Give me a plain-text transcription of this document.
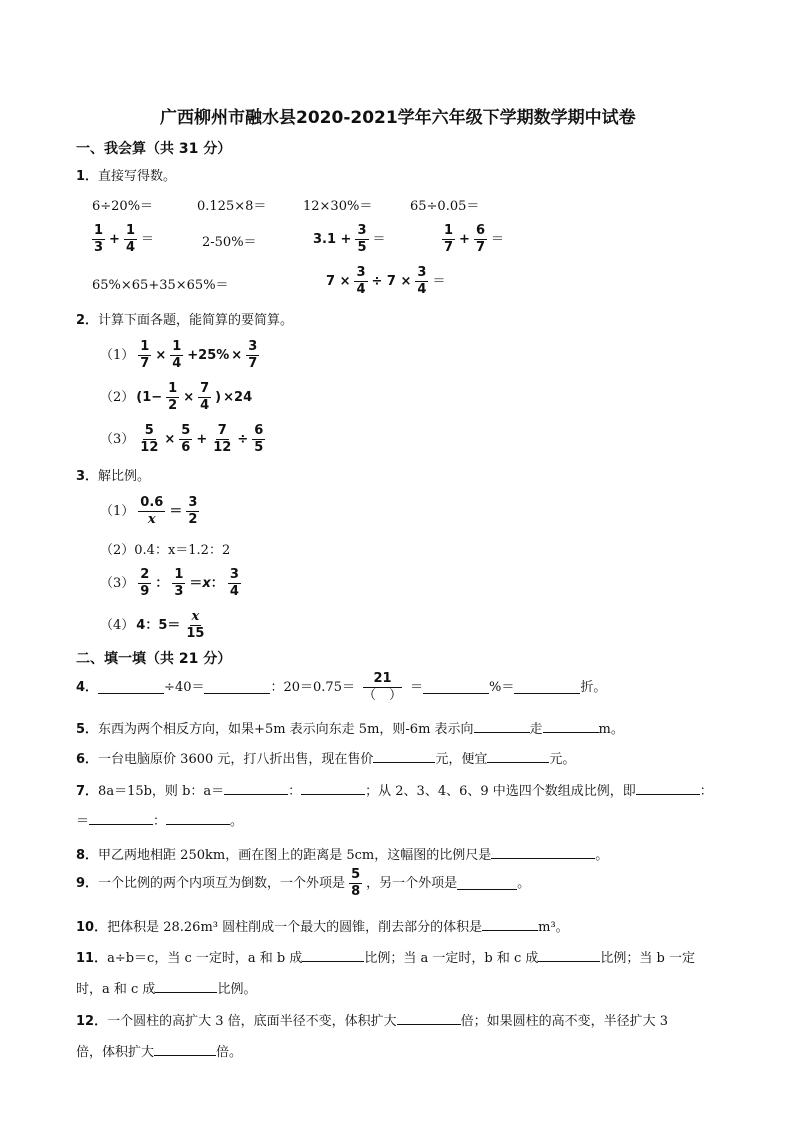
广西柳州市融水县2020-2021学年六年级下学期数学期中试卷
一、我会算（共 31 分）
1．直接写得数。
6÷20%＝	0.125×8＝	12×30%＝	65÷0.05＝
$\frac{1}{3} + \frac{1}{4}$ ＝	2-50%＝	$3.1 + \frac{3}{5}$ ＝	$\frac{1}{7} + \frac{6}{7}$ ＝
65%×65+35×65%＝	$7 \times \frac{3}{4} \div 7 \times \frac{3}{4}$ ＝
2．计算下面各题，能简算的要简算。
$(1) \frac{1}{7} \times \frac{1}{4} +25\% \times \frac{3}{7}$
（2） ($1- \frac{1}{2} \times \frac{7}{4}$ ) ×24
$(3) \frac{5}{12} \times \frac{5}{6} + \frac{7}{12} \div \frac{6}{5}$
3．解比例。
$(1) \frac{0.6}{x} = \frac{3}{2}$
（2）0.4：x＝1.2：2
$(3) \frac{2}{9}$ ： $\frac{1}{3} =x$： $\frac{3}{4}$
（4） 4：$5= \frac{x}{15}$
二、填一填（共 21 分）
4．	÷40＝	：$20=0.75= \frac{21}{( )}$ ＝	%＝	折。
5．东西为两个相反方向，如果+5m 表示向东走 5m，则-6m 表示向	走	m。
6．一台电脑原价 3600 元，打八折出售，现在售价	元，便宜	元。
7．8a＝15b，则 b：a＝	：	；从 2、3、4、6、9 中选四个数组成比例，即	：
＝	：	。
8．甲乙两地相距 250km，画在图上的距离是 5cm，这幅图的比例尺是	。
9． 一个比例的两个内项互为倒数，一个外项是 $\frac{5}{8}$ ，另一个外项是	。
10．把体积是 28.26m³ 圆柱削成一个最大的圆锥，削去部分的体积是	m³。
11．a÷b＝c，当 c 一定时，a 和 b 成	比例；当 a 一定时，b 和 c 成	比例；当 b 一定
时，a 和 c 成	比例。
12．一个圆柱的高扩大 3 倍，底面半径不变，体积扩大	倍；如果圆柱的高不变，半径扩大 3
倍，体积扩大	倍。
